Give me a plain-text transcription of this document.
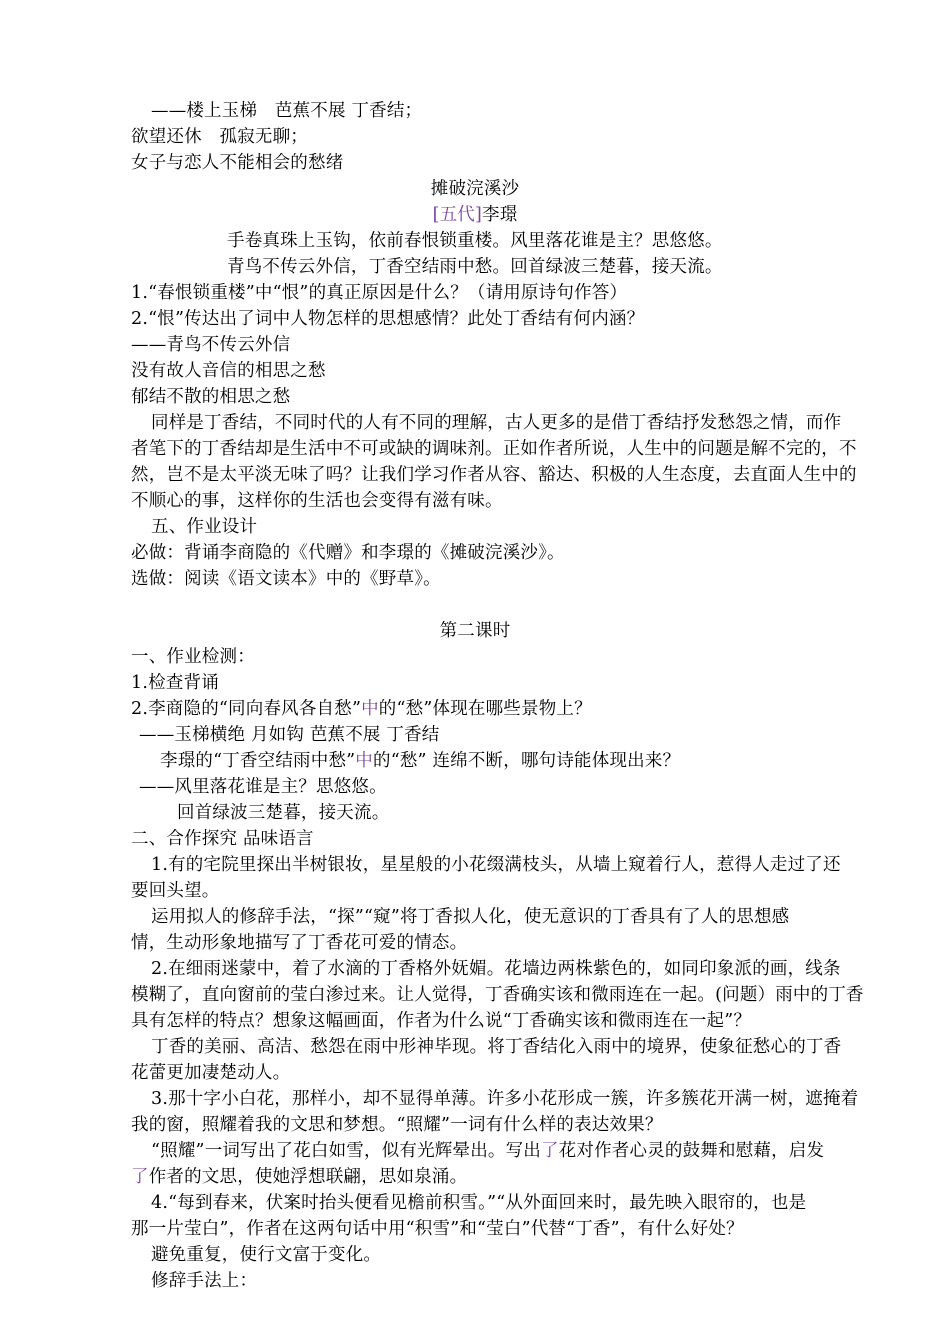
——楼上玉梯　芭蕉不展 丁香结；
欲望还休　孤寂无聊；
女子与恋人不能相会的愁绪
摊破浣溪沙
[五代]李璟
手卷真珠上玉钩，依前春恨锁重楼。风里落花谁是主？思悠悠。
青鸟不传云外信，丁香空结雨中愁。回首绿波三楚暮，接天流。
1.“春恨锁重楼”中“恨”的真正原因是什么？（请用原诗句作答）
2.“恨”传达出了词中人物怎样的思想感情？此处丁香结有何内涵？
——青鸟不传云外信
没有故人音信的相思之愁
郁结不散的相思之愁
同样是丁香结，不同时代的人有不同的理解，古人更多的是借丁香结抒发愁怨之情，而作
者笔下的丁香结却是生活中不可或缺的调味剂。正如作者所说，人生中的问题是解不完的，不
然，岂不是太平淡无味了吗？让我们学习作者从容、豁达、积极的人生态度，去直面人生中的
不顺心的事，这样你的生活也会变得有滋有味。
五、作业设计
必做：背诵李商隐的《代赠》和李璟的《摊破浣溪沙》。
选做：阅读《语文读本》中的《野草》。
第二课时
一、作业检测：
1.检查背诵
2.李商隐的“同向春风各自愁”中的“愁”体现在哪些景物上？
——玉梯横绝 月如钩 芭蕉不展 丁香结
李璟的“丁香空结雨中愁”中的“愁” 连绵不断，哪句诗能体现出来？
——风里落花谁是主？思悠悠。
回首绿波三楚暮，接天流。
二、合作探究 品味语言
1.有的宅院里探出半树银妆，星星般的小花缀满枝头，从墙上窥着行人，惹得人走过了还
要回头望。
运用拟人的修辞手法，“探”“窥”将丁香拟人化，使无意识的丁香具有了人的思想感
情，生动形象地描写了丁香花可爱的情态。
2.在细雨迷蒙中，着了水滴的丁香格外妩媚。花墙边两株紫色的，如同印象派的画，线条
模糊了，直向窗前的莹白渗过来。让人觉得，丁香确实该和微雨连在一起。(问题）雨中的丁香
具有怎样的特点？想象这幅画面，作者为什么说“丁香确实该和微雨连在一起”？
丁香的美丽、高洁、愁怨在雨中形神毕现。将丁香结化入雨中的境界，使象征愁心的丁香
花蕾更加凄楚动人。
3.那十字小白花，那样小，却不显得单薄。许多小花形成一簇，许多簇花开满一树，遮掩着
我的窗，照耀着我的文思和梦想。“照耀”一词有什么样的表达效果？
“照耀”一词写出了花白如雪，似有光辉晕出。写出了花对作者心灵的鼓舞和慰藉，启发
了作者的文思，使她浮想联翩，思如泉涌。
4.“每到春来，伏案时抬头便看见檐前积雪。”“从外面回来时，最先映入眼帘的，也是
那一片莹白”，作者在这两句话中用“积雪”和“莹白”代替“丁香”，有什么好处？
避免重复，使行文富于变化。
修辞手法上：
